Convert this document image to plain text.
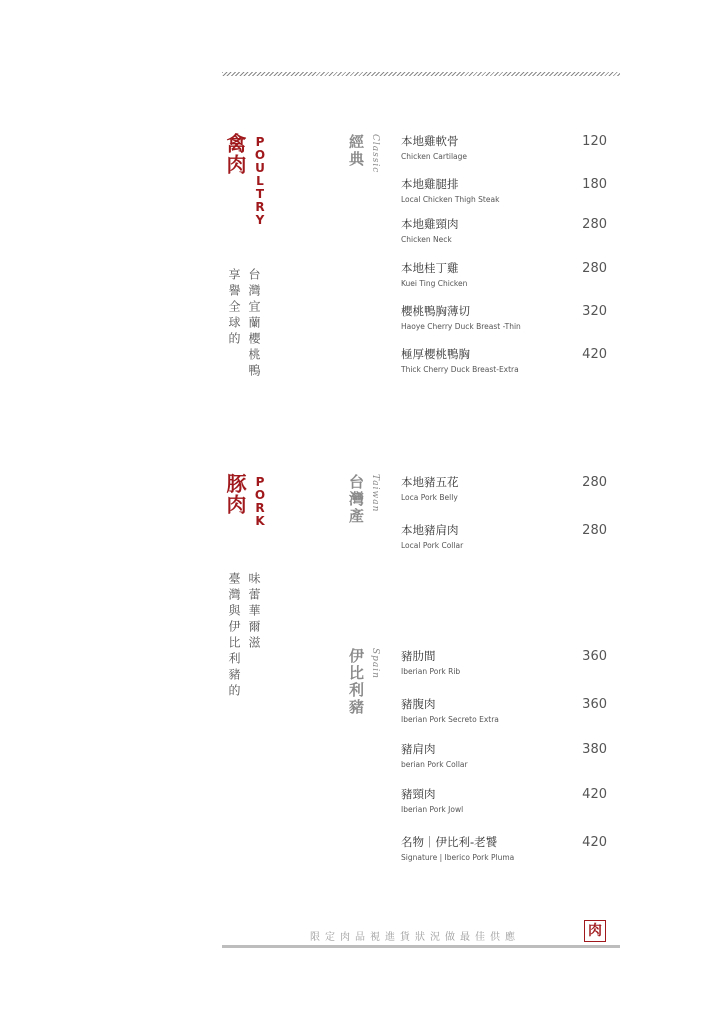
禽肉 POULTRY
台灣宜蘭櫻桃鴨
享譽全球的
經典 Classic 本地雞軟骨
Chicken Cartilage
120
本地雞腿排
Local Chicken Thigh Steak
180
本地雞頸肉
Chicken Neck
280
本地桂丁雞
Kuei Ting Chicken
280
櫻桃鴨胸薄切
Haoye Cherry Duck Breast -Thin
320
極厚櫻桃鴨胸
Thick Cherry Duck Breast-Extra
420
豚肉 PORK
味蕾華爾滋
臺灣與伊比利豬的
台灣產 Taiwan 本地豬五花
Loca Pork Belly
280
本地豬肩肉
Local Pork Collar
280
伊比利豬 Spain 豬肋間
Iberian Pork Rib
360
豬腹肉
Iberian Pork Secreto Extra
360
豬肩肉
berian Pork Collar
380
豬頸肉
Iberian Pork Jowl
420
名物｜伊比利-老饕
Signature | Iberico Pork Pluma
420
限定肉品視進貨狀況做最佳供應	肉
